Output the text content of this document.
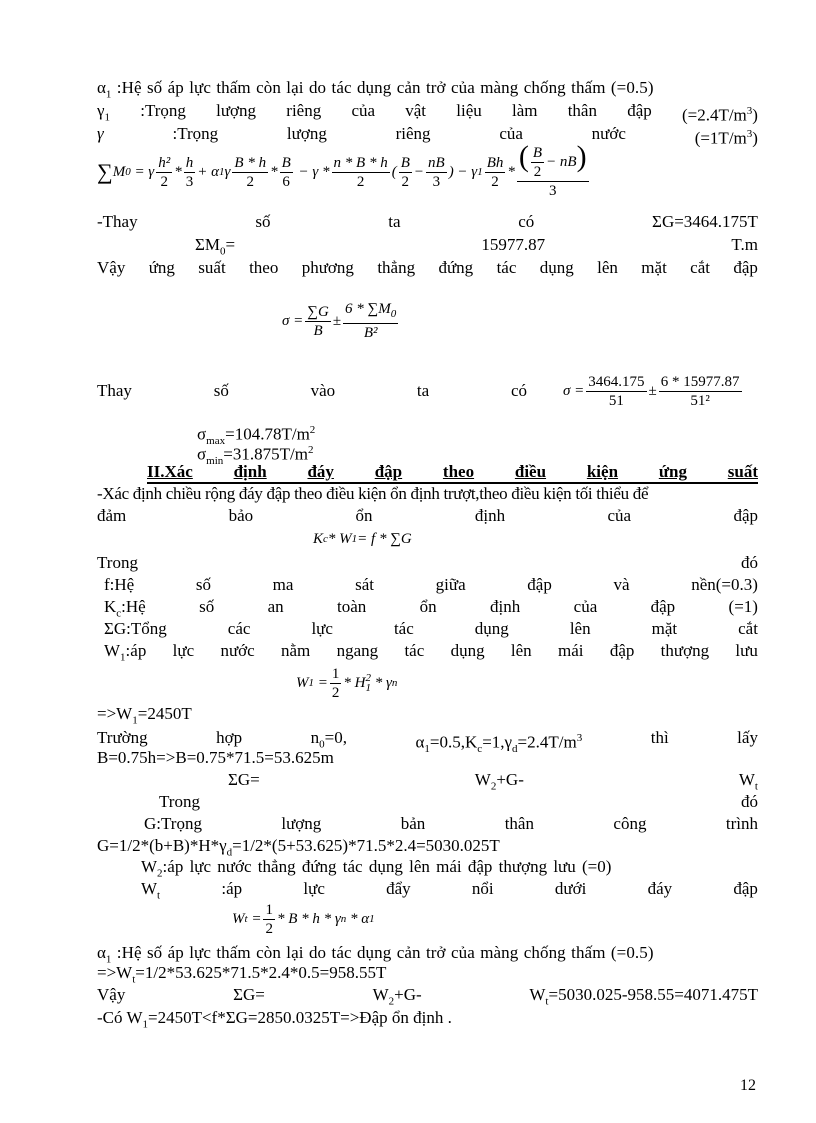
$\alpha_1$ :Hệ số áp lực thấm còn lại do tác dụng cản trở của màng chống thấm (=0.5)
$\gamma_1$ :Trọng lượng riêng của vật liệu làm thân đập $(=2.4T/m^3)$
γ	:Trọng	lượng	riêng	của	nước	$(=1T/m^3)$
∑ M 0
= γ $\frac{\text{h²}}{2} * \frac{h}{3} + \alpha$ 1 γ $\frac{B * h}{2} * \frac{B}{6}$
− γ * $\frac{n * B * h}{2}$ ( $\frac{B}{2} - \frac{nB}{3}$ ) − γ $1 \frac{Bh}{2} * \frac{( \frac{B}{2} - nB)}{3}$
-Thay	số	ta	có	ΣG=3464.175T
$\Sigma M_0=$	15977.87	T.m
Vậy ứng suất theo phương thẳng đứng tác dụng lên mặt cắt đập
$\sigma = \frac{\sum G}{B} \pm \frac{6 * \sum M_0}{\text{B²}}$
Thay	số	vào	ta	có $\sigma = \frac{3464.175}{51} \pm \frac{6 * 15977.87}{\text{51²}}$
$\sigma_{max}=104.78T/m^2$
$\sigma_{min}=31.875T/m^2$
II.Xác định đáy đập theo điều kiện ứng suất
-Xác định chiều rộng đáy đập theo điều kiện ổn định trượt,theo điều kiện tối thiểu để
đảm	bảo	ổn	định	của	đập
K c * W 1 = f * ∑G
Trong	đó
f:Hệ	số	ma	sát	giữa	đập	và	nền(=0.3)
$K_c:Hệ$	số	an	toàn	ổn	định	của	đập	(=1)
ΣG:Tổng	các	lực	tác	dụng	lên	mặt	cắt
$W_1:áp$ lực nước nằm ngang tác dụng lên mái đập thượng lưu
W 1
= $\frac{1}{2}$ * H 2
1
* γ n
$=>W_1=2450T$
Trường	hợp	$n_0=0$,	$\alpha_1=0.5,K_c=1,\gamma_d=2.4T/m^3$	thì	lấy
B=0.75h=>B=0.75*71.5=53.625m
ΣG=	$W_2+G-$	$W_t$
Trong	đó
G:Trọng	lượng	bản	thân	công	trình
$G=1/2*(b+B)*H*\gamma_d=1/2*(5+53.625)*71.5*2.4=5030.025T$
$W_2:áp$ lực nước thẳng đứng tác dụng lên mái đập thượng lưu (=0)
$W_t$	:áp	lực	đẩy	nổi	dưới	đáy	đập
W t
= $\frac{1}{2}$ * B * h * γ n
* α 1
$\alpha_1$ :Hệ số áp lực thấm còn lại do tác dụng cản trở của màng chống thấm (=0.5)
$=>W_t=1/2*53.625*71.5*2.4*0.5=958.55T$
Vậy	ΣG=	$W_2+G-$	$W_t=5030.025-958.55=4071.475T$
-Có $W_1=2450T<f*\Sigma G=2850.0325T=>Đập$ ổn định .
12
